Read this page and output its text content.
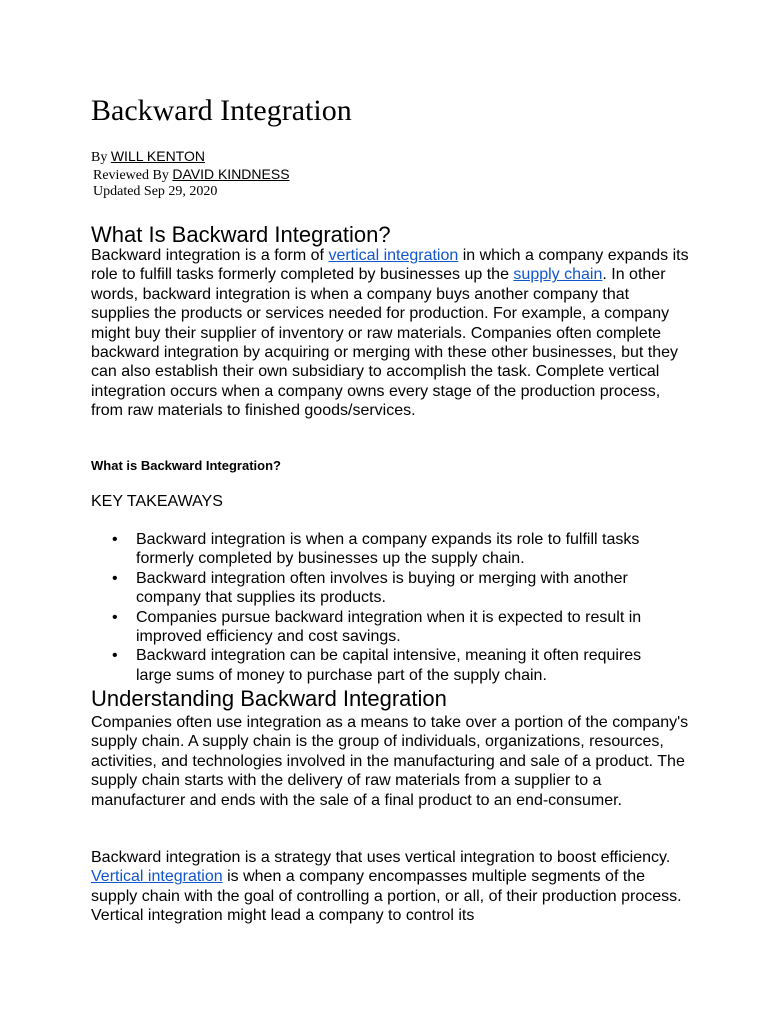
Backward Integration

By WILL KENTON

Reviewed By DAVID KINDNESS

Updated Sep 29, 2020

What Is Backward Integration?

Backward integration is a form of vertical integration in which a company expands its role to fulfill tasks formerly completed by businesses up the supply chain. In other words, backward integration is when a company buys another company that supplies the products or services needed for production. For example, a company might buy their supplier of inventory or raw materials. Companies often complete backward integration by acquiring or merging with these other businesses, but they can also establish their own subsidiary to accomplish the task. Complete vertical integration occurs when a company owns every stage of the production process, from raw materials to finished goods/services.

What is Backward Integration?

KEY TAKEAWAYS

• Backward integration is when a company expands its role to fulfill tasks formerly completed by businesses up the supply chain.
• Backward integration often involves is buying or merging with another company that supplies its products.
• Companies pursue backward integration when it is expected to result in improved efficiency and cost savings.
• Backward integration can be capital intensive, meaning it often requires large sums of money to purchase part of the supply chain.
Understanding Backward Integration

Companies often use integration as a means to take over a portion of the company's supply chain. A supply chain is the group of individuals, organizations, resources, activities, and technologies involved in the manufacturing and sale of a product. The supply chain starts with the delivery of raw materials from a supplier to a manufacturer and ends with the sale of a final product to an end-consumer.

Backward integration is a strategy that uses vertical integration to boost efficiency. Vertical integration is when a company encompasses multiple segments of the supply chain with the goal of controlling a portion, or all, of their production process. Vertical integration might lead a company to control its
